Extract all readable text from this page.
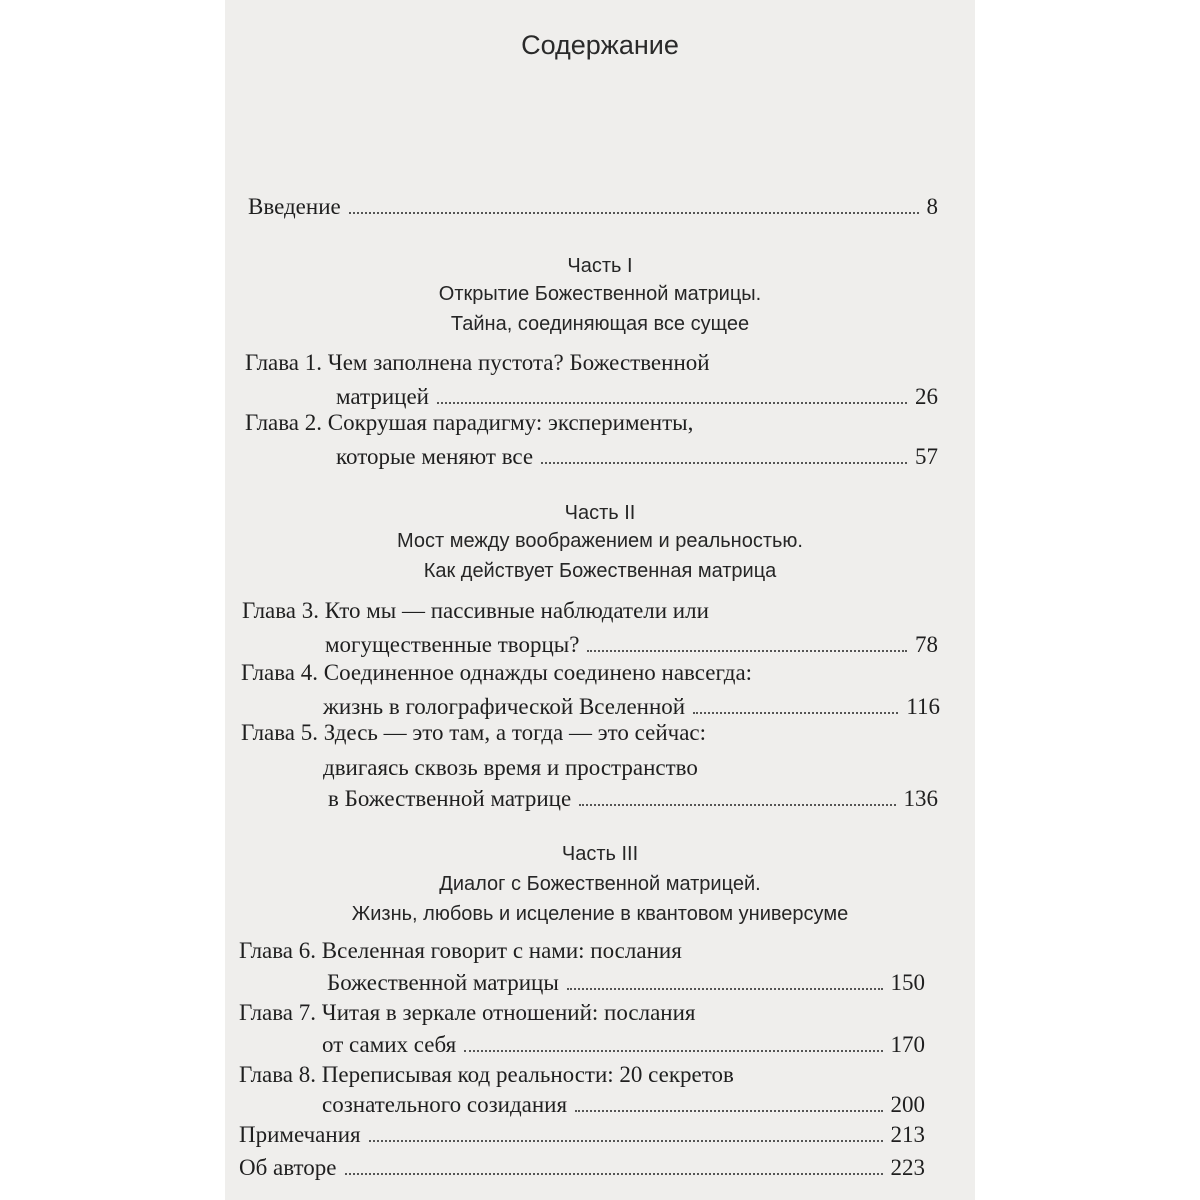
Содержание
Введение	8
Часть I
Открытие Божественной матрицы.
Тайна, соединяющая все сущее
Глава 1. Чем заполнена пустота? Божественной
матрицей	26
Глава 2. Сокрушая парадигму: эксперименты,
которые меняют все	57
Часть II
Мост между воображением и реальностью.
Как действует Божественная матрица
Глава 3. Кто мы — пассивные наблюдатели или
могущественные творцы?	78
Глава 4. Соединенное однажды соединено навсегда:
жизнь в голографической Вселенной	116
Глава 5. Здесь — это там, а тогда — это сейчас:
двигаясь сквозь время и пространство
в Божественной матрице	136
Часть III
Диалог с Божественной матрицей.
Жизнь, любовь и исцеление в квантовом универсуме
Глава 6. Вселенная говорит с нами: послания
Божественной матрицы	150
Глава 7. Читая в зеркале отношений: послания
от самих себя	170
Глава 8. Переписывая код реальности: 20 секретов
сознательного созидания	200
Примечания	213
Об авторе	223
